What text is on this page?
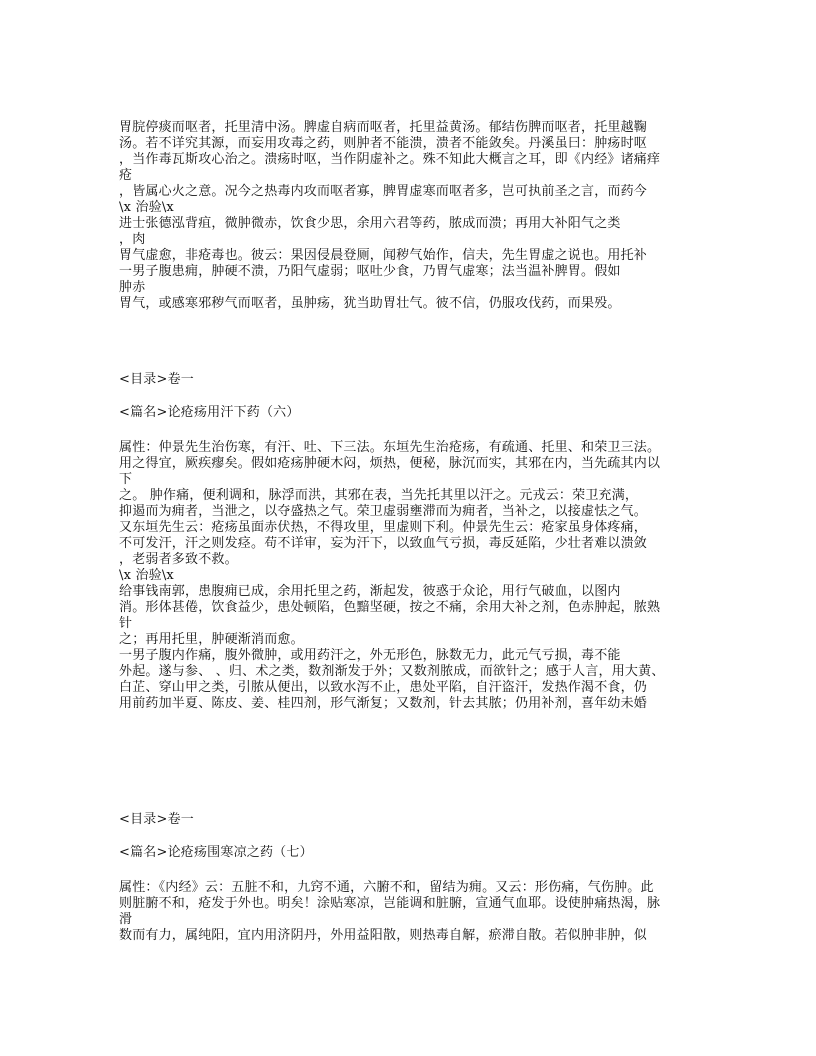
胃脘停痰而呕者，托里清中汤。脾虚自病而呕者，托里益黄汤。郁结伤脾而呕者，托里越鞠
汤。若不详究其源，而妄用攻毒之药，则肿者不能溃，溃者不能敛矣。丹溪虽曰：肿疡时呕
，当作毒瓦斯攻心治之。溃疡时呕，当作阴虚补之。殊不知此大概言之耳，即《内经》诸痛痒
疮
，皆属心火之意。况今之热毒内攻而呕者寡，脾胃虚寒而呕者多，岂可执前圣之言，而药今
\x 治验\x
进士张德泓背疽，微肿微赤，饮食少思，余用六君等药，脓成而溃；再用大补阳气之类
，肉
胃气虚愈，非疮毒也。彼云：果因侵晨登厕，闻秽气始作，信夫，先生胃虚之说也。用托补
一男子腹患痈，肿硬不溃，乃阳气虚弱；呕吐少食，乃胃气虚寒；法当温补脾胃。假如
肿赤
胃气，或感寒邪秽气而呕者，虽肿疡，犹当助胃壮气。彼不信，仍服攻伐药，而果殁。
<目录>卷一
<篇名>论疮疡用汗下药（六）
属性：仲景先生治伤寒，有汗、吐、下三法。东垣先生治疮疡，有疏通、托里、和荣卫三法。
用之得宜，厥疾瘳矣。假如疮疡肿硬木闷，烦热，便秘，脉沉而实，其邪在内，当先疏其内以
下
之。 肿作痛，便利调和，脉浮而洪，其邪在表，当先托其里以汗之。元戎云：荣卫充满，
抑遏而为痈者，当泄之，以夺盛热之气。荣卫虚弱壅滞而为痈者，当补之，以接虚怯之气。
又东垣先生云：疮疡虽面赤伏热，不得攻里，里虚则下利。仲景先生云：疮家虽身体疼痛，
不可发汗，汗之则发痉。苟不详审，妄为汗下，以致血气亏损，毒反延陷，少壮者难以溃敛
，老弱者多致不救。
\x 治验\x
给事钱南郭，患腹痈已成，余用托里之药，渐起发，彼惑于众论，用行气破血，以图内
消。形体甚倦，饮食益少，患处顿陷，色黯坚硬，按之不痛，余用大补之剂，色赤肿起，脓熟
针
之；再用托里，肿硬渐消而愈。
一男子腹内作痛，腹外微肿，或用药汗之，外无形色，脉数无力，此元气亏损，毒不能
外起。遂与参、 、归、术之类，数剂渐发于外；又数剂脓成，而欲针之；感于人言，用大黄、
白芷、穿山甲之类，引脓从便出，以致水泻不止，患处平陷，自汗盗汗，发热作渴不食，仍
用前药加半夏、陈皮、姜、桂四剂，形气渐复；又数剂，针去其脓；仍用补剂，喜年幼未婚
<目录>卷一
<篇名>论疮疡围寒凉之药（七）
属性：《内经》云：五脏不和，九窍不通，六腑不和，留结为痈。又云：形伤痛，气伤肿。此
则脏腑不和，疮发于外也。明矣！涂贴寒凉，岂能调和脏腑，宣通气血耶。设使肿痛热渴，脉
滑
数而有力，属纯阳，宜内用济阴丹，外用益阳散，则热毒自解，瘀滞自散。若似肿非肿，似
